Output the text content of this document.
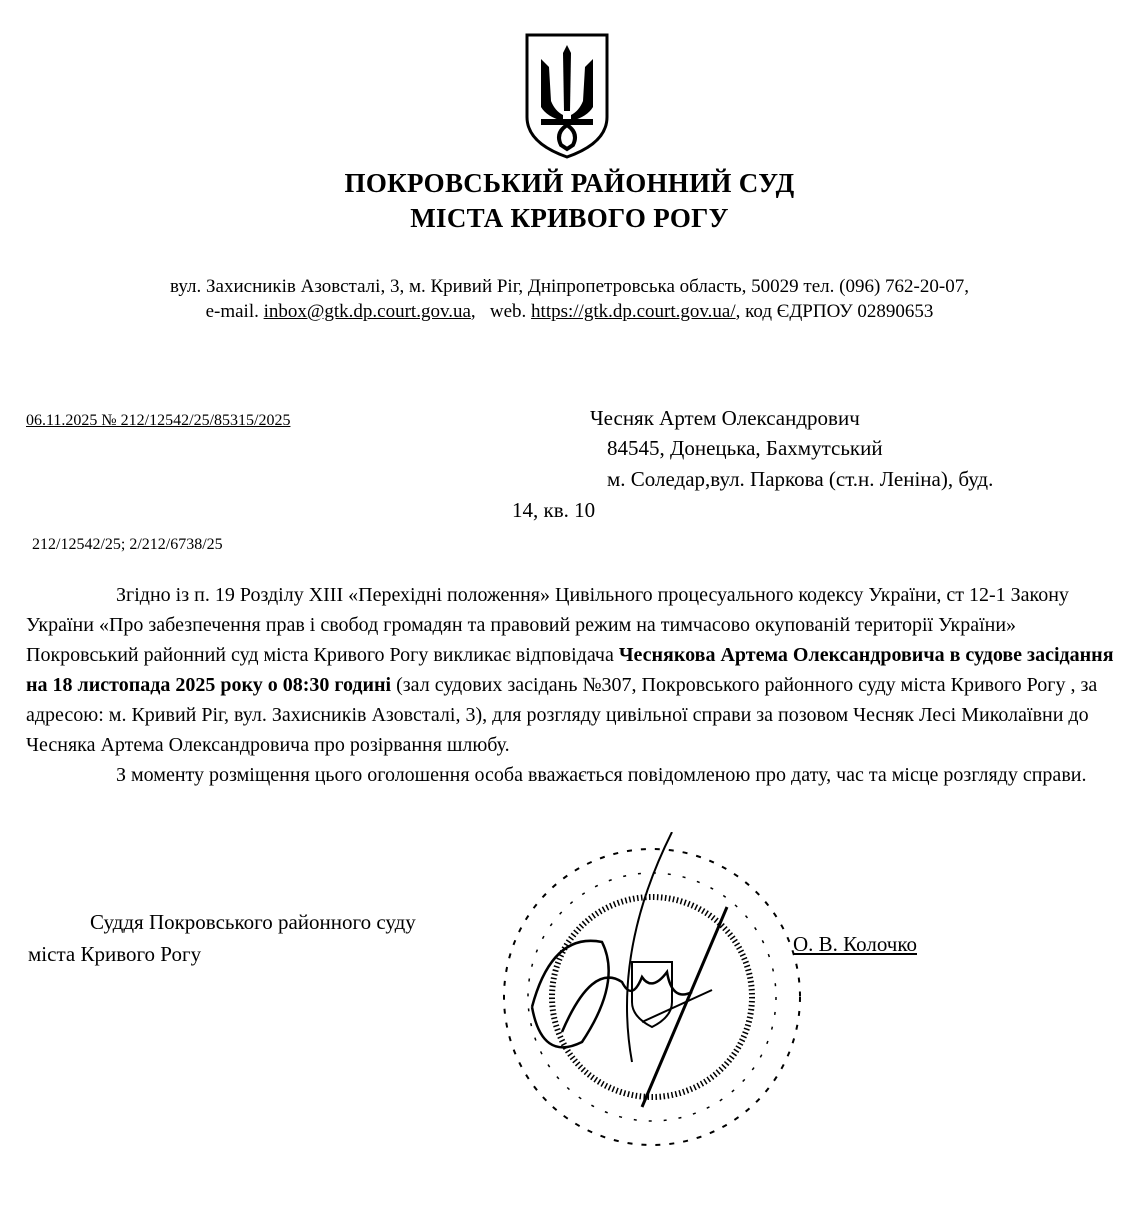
ПОКРОВСЬКИЙ РАЙОННИЙ СУД
МІСТА КРИВОГО РОГУ
вул. Захисників Азовсталі, 3, м. Кривий Ріг, Дніпропетровська область, 50029 тел. (096) 762-20-07,
e-mail. inbox@gtk.dp.court.gov.ua,   web. https://gtk.dp.court.gov.ua/, код ЄДРПОУ 02890653
06.11.2025 № 212/12542/25/85315/2025	Чесняк Артем Олександрович
84545, Донецька, Бахмутський
м. Соледар,вул. Паркова (ст.н. Леніна), буд.
14, кв. 10
212/12542/25; 2/212/6738/25

Згідно із п. 19 Розділу XIII «Перехідні положення» Цивільного процесуального кодексу України, ст 12-1 Закону України «Про забезпечення прав і свобод громадян та правовий режим на тимчасово окупованій території України» Покровський районний суд міста Кривого Рогу викликає відповідача Чеснякова Артема Олександровича в судове засідання на 18 листопада 2025 року о 08:30 годині (зал судових засідань №307, Покровського районного суду міста Кривого Рогу , за адресою: м. Кривий Ріг, вул. Захисників Азовсталі, 3), для розгляду цивільної справи за позовом Чесняк Лесі Миколаївни до Чесняка Артема Олександровича про розірвання шлюбу.

З моменту розміщення цього оголошення особа вважається повідомленою про дату, час та місце розгляду справи.

Суддя Покровського районного суду
міста Кривого Рогу	О. В. Колочко
